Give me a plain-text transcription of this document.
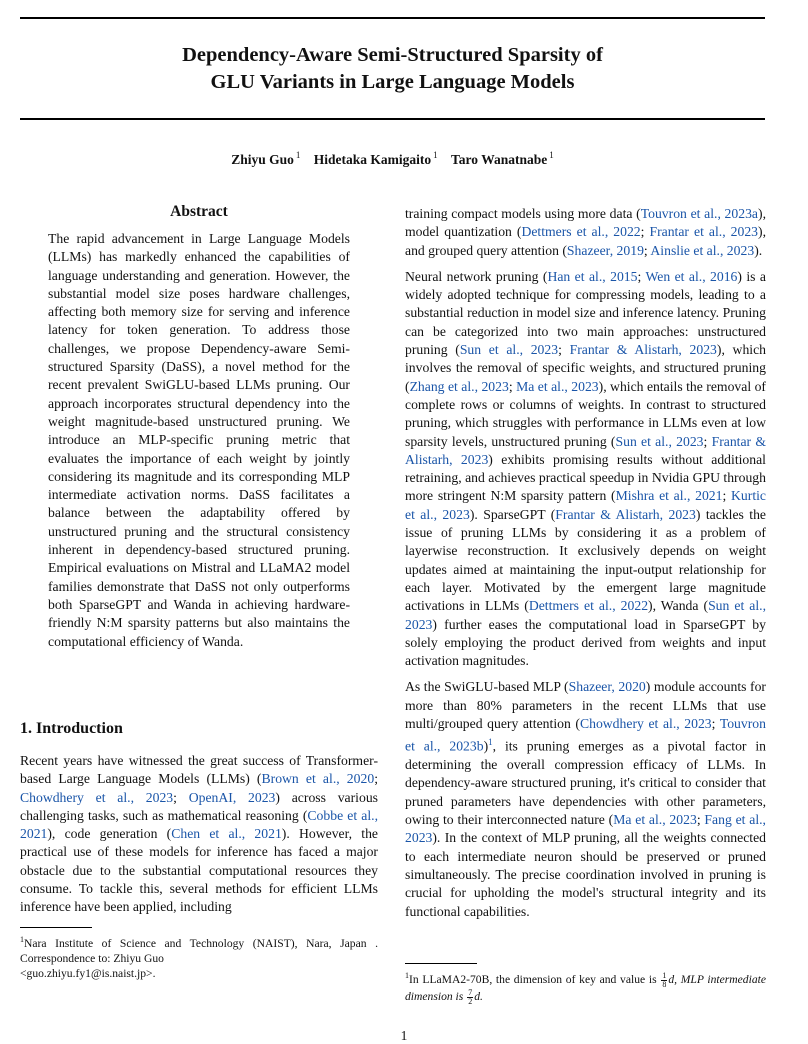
Dependency-Aware Semi-Structured Sparsity of
GLU Variants in Large Language Models
Zhiyu Guo $^1$ Hidetaka Kamigaito $^1$ Taro Wanatnabe $^1$
Abstract
The rapid advancement in Large Language Models (LLMs) has markedly enhanced the capabilities of language understanding and generation. However, the substantial model size poses hardware challenges, affecting both memory size for serving and inference latency for token generation. To address those challenges, we propose Dependency-aware Semi-structured Sparsity (DaSS), a novel method for the recent prevalent SwiGLU-based LLMs pruning. Our approach incorporates structural dependency into the weight magnitude-based unstructured pruning. We introduce an MLP-specific pruning metric that evaluates the importance of each weight by jointly considering its magnitude and its corresponding MLP intermediate activation norms. DaSS facilitates a balance between the adaptability offered by unstructured pruning and the structural consistency inherent in dependency-based structured pruning. Empirical evaluations on Mistral and LLaMA2 model families demonstrate that DaSS not only outperforms both SparseGPT and Wanda in achieving hardware-friendly N:M sparsity patterns but also maintains the computational efficiency of Wanda.
1. Introduction

Recent years have witnessed the great success of Transformer-based Large Language Models (LLMs) (Brown et al., 2020; Chowdhery et al., 2023; OpenAI, 2023) across various challenging tasks, such as mathematical reasoning (Cobbe et al., 2021), code generation (Chen et al., 2021). However, the practical use of these models for inference has faced a major obstacle due to the substantial computational resources they consume. To tackle this, several methods for efficient LLMs inference have been applied, including

$^1$Nara Institute of Science and Technology (NAIST), Nara, Japan . Correspondence to: Zhiyu Guo
<guo.zhiyu.fy1@is.naist.jp>.

training compact models using more data (Touvron et al., 2023a), model quantization (Dettmers et al., 2022; Frantar et al., 2023), and grouped query attention (Shazeer, 2019; Ainslie et al., 2023).

Neural network pruning (Han et al., 2015; Wen et al., 2016) is a widely adopted technique for compressing models, leading to a substantial reduction in model size and inference latency. Pruning can be categorized into two main approaches: unstructured pruning (Sun et al., 2023; Frantar & Alistarh, 2023), which involves the removal of specific weights, and structured pruning (Zhang et al., 2023; Ma et al., 2023), which entails the removal of complete rows or columns of weights. In contrast to structured pruning, which struggles with performance in LLMs even at low sparsity levels, unstructured pruning (Sun et al., 2023; Frantar & Alistarh, 2023) exhibits promising results without additional retraining, and achieves practical speedup in Nvidia GPU through more stringent N:M sparsity pattern (Mishra et al., 2021; Kurtic et al., 2023). SparseGPT (Frantar & Alistarh, 2023) tackles the issue of pruning LLMs by considering it as a problem of layerwise reconstruction. It exclusively depends on weight updates aimed at maintaining the input-output relationship for each layer. Motivated by the emergent large magnitude activations in LLMs (Dettmers et al., 2022), Wanda (Sun et al., 2023) further eases the computational load in SparseGPT by solely employing the product derived from weights and input activation magnitudes.

As the SwiGLU-based MLP (Shazeer, 2020) module accounts for more than 80% parameters in the recent LLMs that use multi/grouped query attention (Chowdhery et al., 2023; Touvron et al., 2023b)$^1$, its pruning emerges as a pivotal factor in determining the overall compression efficacy of LLMs. In dependency-aware structured pruning, it's critical to consider that pruned parameters have dependencies with other parameters, owing to their interconnected nature (Ma et al., 2023; Fang et al., 2023). In the context of MLP pruning, all the weights connected to each intermediate neuron should be preserved or pruned simultaneously. The precise coordination involved in pruning is crucial for upholding the model's structural integrity and its functional capabilities.

$^1$In LLaMA2-70B, the dimension of key and value is $\frac{1}{8} d$, MLP intermediate dimension is $\frac{7}{2} d$.
1
